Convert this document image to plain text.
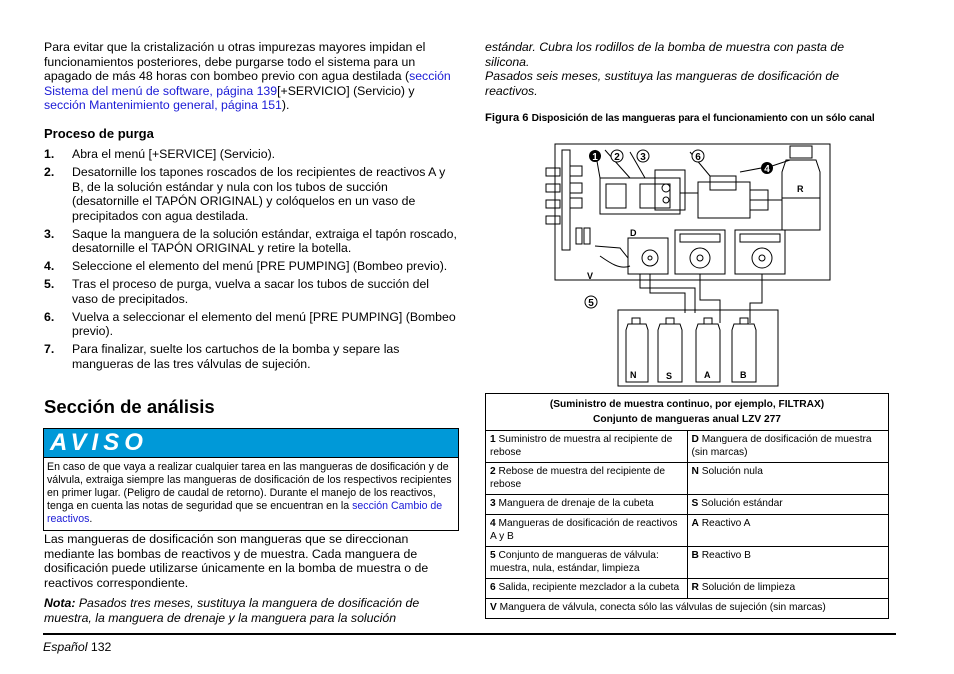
Para evitar que la cristalización u otras impurezas mayores impidan el funcionamientos posteriores, debe purgarse todo el sistema para un apagado de más 48 horas con bombeo previo con agua destilada (sección Sistema del menú de software, página 139[+SERVICIO] (Servicio) y sección Mantenimiento general, página 151).

Proceso de purga
1. Abra el menú [+SERVICE] (Servicio).
2. Desatornille los tapones roscados de los recipientes de reactivos A y B, de la solución estándar y nula con los tubos de succión (desatornille el TAPÓN ORIGINAL) y colóquelos en un vaso de precipitados con agua destilada.
3. Saque la manguera de la solución estándar, extraiga el tapón roscado, desatornille el TAPÓN ORIGINAL y retire la botella.
4. Seleccione el elemento del menú [PRE PUMPING] (Bombeo previo).
5. Tras el proceso de purga, vuelva a sacar los tubos de succión del vaso de precipitados.
6. Vuelva a seleccionar el elemento del menú [PRE PUMPING] (Bombeo previo).
7. Para finalizar, suelte los cartuchos de la bomba y separe las mangueras de las tres válvulas de sujeción.
Sección de análisis
AVISO
En caso de que vaya a realizar cualquier tarea en las mangueras de dosificación y de válvula, extraiga siempre las mangueras de dosificación de los respectivos recipientes en primer lugar. (Peligro de caudal de retorno). Durante el manejo de los reactivos, tenga en cuenta las notas de seguridad que se encuentran en la sección Cambio de reactivos.

Las mangueras de dosificación son mangueras que se direccionan mediante las bombas de reactivos y de muestra. Cada manguera de dosificación puede utilizarse únicamente en la bomba de muestra o de reactivos correspondiente.

Nota: Pasados tres meses, sustituya la manguera de dosificación de muestra, la manguera de drenaje y la manguera para la solución

estándar. Cubra los rodillos de la bomba de muestra con pasta de silicona.

Pasados seis meses, sustituya las mangueras de dosificación de reactivos.

Figura 6 Disposición de las mangueras para el funcionamiento con un sólo canal
1 2 3	6
4
5
D
V
R
N	S	A	B
(Suministro de muestra continuo, por ejemplo, FILTRAX)
Conjunto de mangueras anual LZV 277	

1 Suministro de muestra al recipiente de rebose	D Manguera de dosificación de muestra (sin marcas)
2 Rebose de muestra del recipiente de rebose	N Solución nula
3 Manguera de drenaje de la cubeta	S Solución estándar
4 Mangueras de dosificación de reactivos A y B	A Reactivo A
5 Conjunto de mangueras de válvula: muestra, nula, estándar, limpieza	B Reactivo B
6 Salida, recipiente mezclador a la cubeta	R Solución de limpieza
V Manguera de válvula, conecta sólo las válvulas de sujeción (sin marcas)	
Español 132
